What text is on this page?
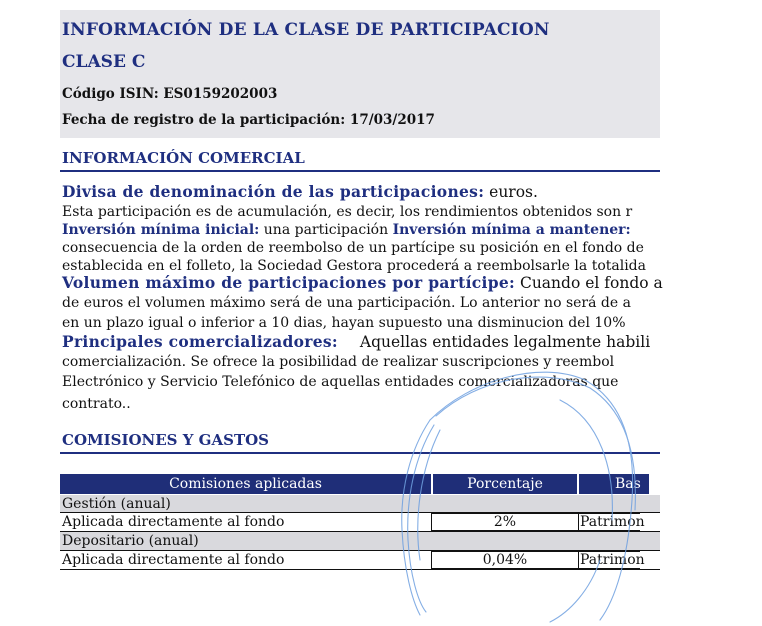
INFORMACIÓN DE LA CLASE DE PARTICIPACION
CLASE C

Código ISIN: ES0159202003

Fecha de registro de la participación: 17/03/2017

INFORMACIÓN COMERCIAL
Divisa de denominación de las participaciones: euros.
Esta participación es de acumulación, es decir, los rendimientos obtenidos son r
Inversión mínima inicial: una participación Inversión mínima a mantener:
consecuencia de la orden de reembolso de un partícipe su posición en el fondo de
establecida en el folleto, la Sociedad Gestora procederá a reembolsarle la totalida
Volumen máximo de participaciones por partícipe: Cuando el fondo a
de euros el volumen máximo será de una participación. Lo anterior no será de a
en un plazo igual o inferior a 10 dias, hayan supuesto una disminucion del 10%
Principales comercializadores: Aquellas entidades legalmente habili
comercialización. Se ofrece la posibilidad de realizar suscripciones y reembol
Electrónico y Servicio Telefónico de aquellas entidades comercializadoras que
contrato..
COMISIONES Y GASTOS
Comisiones aplicadas	Porcentaje	Bas
Gestión (anual)
Aplicada directamente al fondo	2%	Patrimon
Depositario (anual)
Aplicada directamente al fondo	0,04%	Patrimon
